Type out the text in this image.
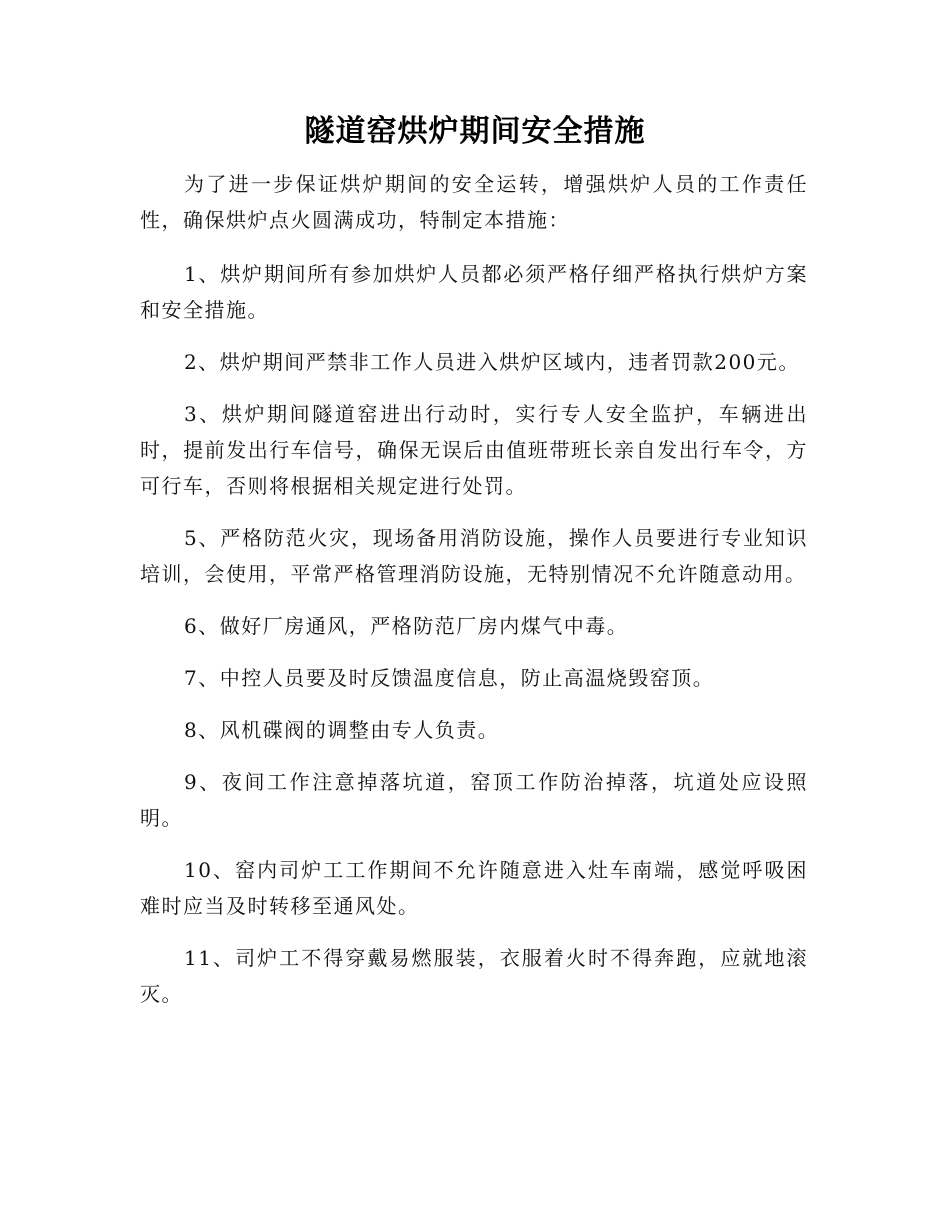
隧道窑烘炉期间安全措施

为了进一步保证烘炉期间的安全运转，增强烘炉人员的工作责任性，确保烘炉点火圆满成功，特制定本措施：

1、烘炉期间所有参加烘炉人员都必须严格仔细严格执行烘炉方案和安全措施。

2、烘炉期间严禁非工作人员进入烘炉区域内，违者罚款200元。

3、烘炉期间隧道窑进出行动时，实行专人安全监护，车辆进出时，提前发出行车信号，确保无误后由值班带班长亲自发出行车令，方可行车，否则将根据相关规定进行处罚。

5、严格防范火灾，现场备用消防设施，操作人员要进行专业知识培训，会使用，平常严格管理消防设施，无特别情况不允许随意动用。

6、做好厂房通风，严格防范厂房内煤气中毒。

7、中控人员要及时反馈温度信息，防止高温烧毁窑顶。

8、风机碟阀的调整由专人负责。

9、夜间工作注意掉落坑道，窑顶工作防治掉落，坑道处应设照明。

10、窑内司炉工工作期间不允许随意进入灶车南端，感觉呼吸困难时应当及时转移至通风处。

11、司炉工不得穿戴易燃服装，衣服着火时不得奔跑，应就地滚灭。
